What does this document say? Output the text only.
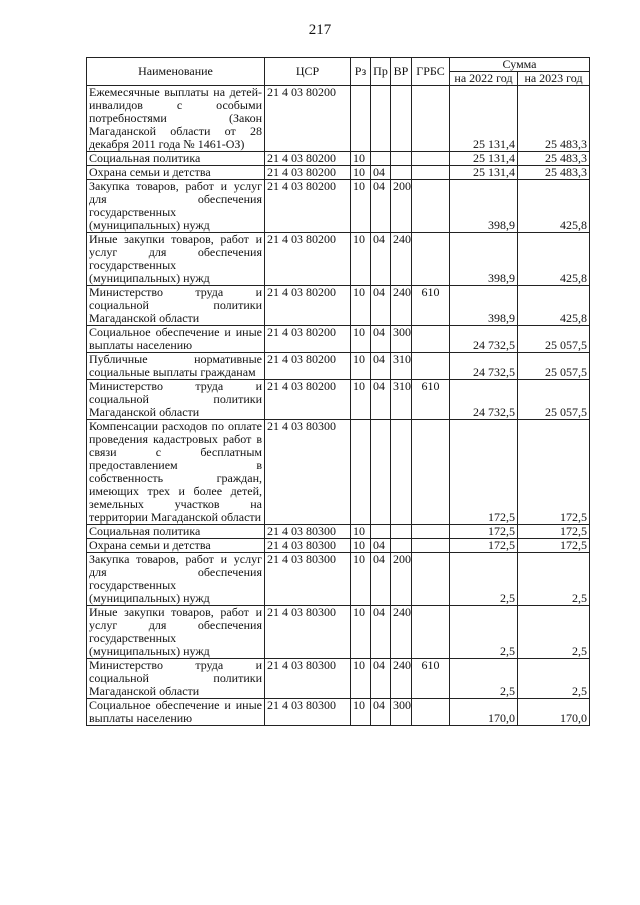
217
Наименование	ЦСР	Рз	Пр	ВР	ГРБС	Сумма	
						на 2022 год	на 2023 год
Ежемесячные выплаты на детей-инвалидов с особыми потребностями (Закон Магаданской области от 28 декабря 2011 года № 1461-ОЗ)	21 4 03 80200					25 131,4	25 483,3
Социальная политика	21 4 03 80200	10				25 131,4	25 483,3
Охрана семьи и детства	21 4 03 80200	10	04			25 131,4	25 483,3
Закупка товаров, работ и услуг для обеспечения государственных (муниципальных) нужд	21 4 03 80200	10	04	200		398,9	425,8
Иные закупки товаров, работ и услуг для обеспечения государственных (муниципальных) нужд	21 4 03 80200	10	04	240		398,9	425,8
Министерство труда и социальной политики Магаданской области	21 4 03 80200	10	04	240	610	398,9	425,8
Социальное обеспечение и иные выплаты населению	21 4 03 80200	10	04	300		24 732,5	25 057,5
Публичные нормативные социальные выплаты гражданам	21 4 03 80200	10	04	310		24 732,5	25 057,5
Министерство труда и социальной политики Магаданской области	21 4 03 80200	10	04	310	610	24 732,5	25 057,5
Компенсации расходов по оплате проведения кадастровых работ в связи с бесплатным предоставлением в собственность граждан, имеющих трех и более детей, земельных участков на территории Магаданской области	21 4 03 80300					172,5	172,5
Социальная политика	21 4 03 80300	10				172,5	172,5
Охрана семьи и детства	21 4 03 80300	10	04			172,5	172,5
Закупка товаров, работ и услуг для обеспечения государственных (муниципальных) нужд	21 4 03 80300	10	04	200		2,5	2,5
Иные закупки товаров, работ и услуг для обеспечения государственных (муниципальных) нужд	21 4 03 80300	10	04	240		2,5	2,5
Министерство труда и социальной политики Магаданской области	21 4 03 80300	10	04	240	610	2,5	2,5
Социальное обеспечение и иные выплаты населению	21 4 03 80300	10	04	300		170,0	170,0
